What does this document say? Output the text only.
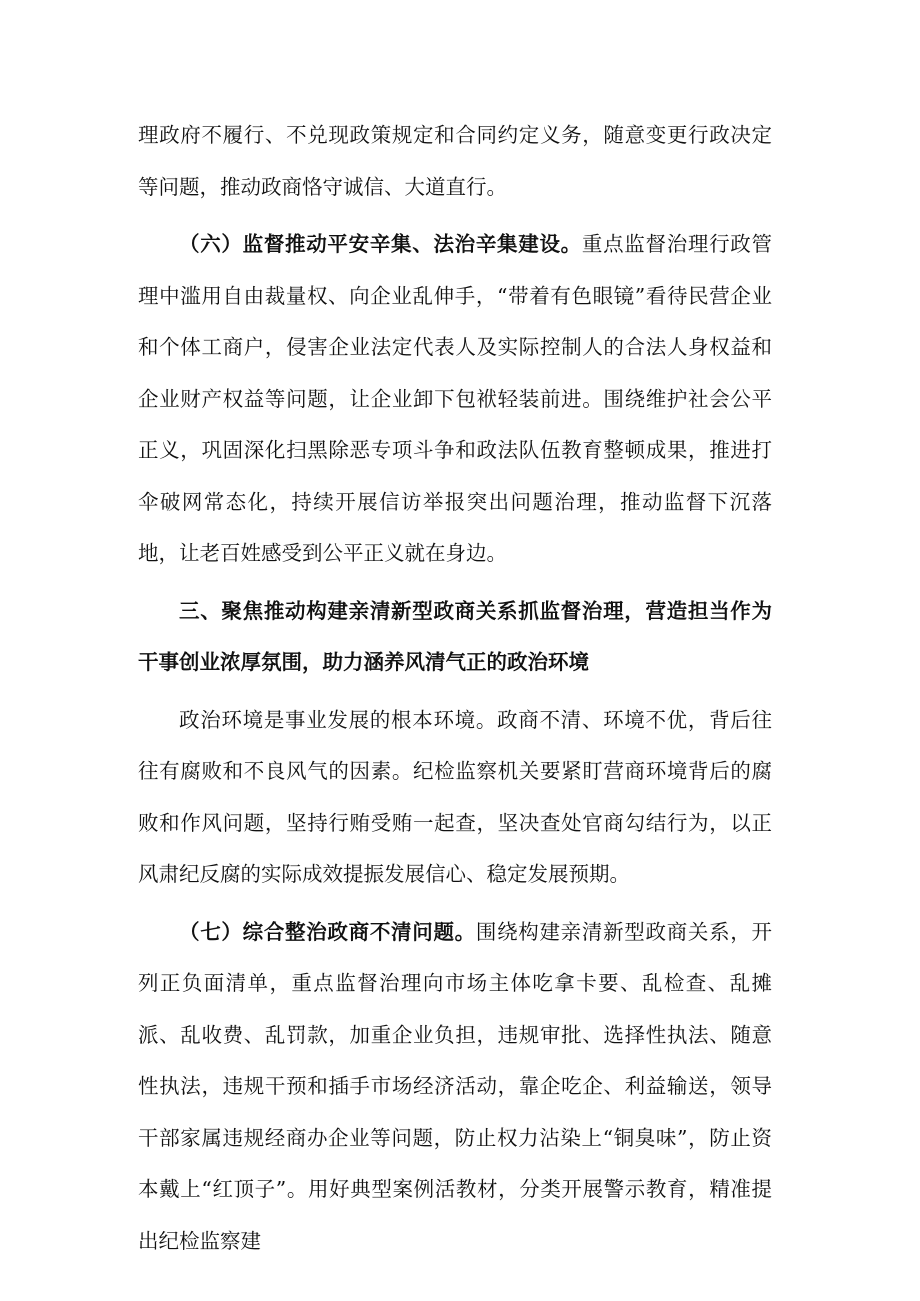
理政府不履行、不兑现政策规定和合同约定义务，随意变更行政决定等问题，推动政商恪守诚信、大道直行。

（六）监督推动平安辛集、法治辛集建设。重点监督治理行政管理中滥用自由裁量权、向企业乱伸手，“带着有色眼镜”看待民营企业和个体工商户，侵害企业法定代表人及实际控制人的合法人身权益和企业财产权益等问题，让企业卸下包袱轻装前进。围绕维护社会公平正义，巩固深化扫黑除恶专项斗争和政法队伍教育整顿成果，推进打伞破网常态化，持续开展信访举报突出问题治理，推动监督下沉落地，让老百姓感受到公平正义就在身边。

三、聚焦推动构建亲清新型政商关系抓监督治理，营造担当作为干事创业浓厚氛围，助力涵养风清气正的政治环境

政治环境是事业发展的根本环境。政商不清、环境不优，背后往往有腐败和不良风气的因素。纪检监察机关要紧盯营商环境背后的腐败和作风问题，坚持行贿受贿一起查，坚决查处官商勾结行为，以正风肃纪反腐的实际成效提振发展信心、稳定发展预期。

（七）综合整治政商不清问题。围绕构建亲清新型政商关系，开列正负面清单，重点监督治理向市场主体吃拿卡要、乱检查、乱摊派、乱收费、乱罚款，加重企业负担，违规审批、选择性执法、随意性执法，违规干预和插手市场经济活动，靠企吃企、利益输送，领导干部家属违规经商办企业等问题，防止权力沾染上“铜臭味”，防止资本戴上“红顶子”。用好典型案例活教材，分类开展警示教育，精准提出纪检监察建
